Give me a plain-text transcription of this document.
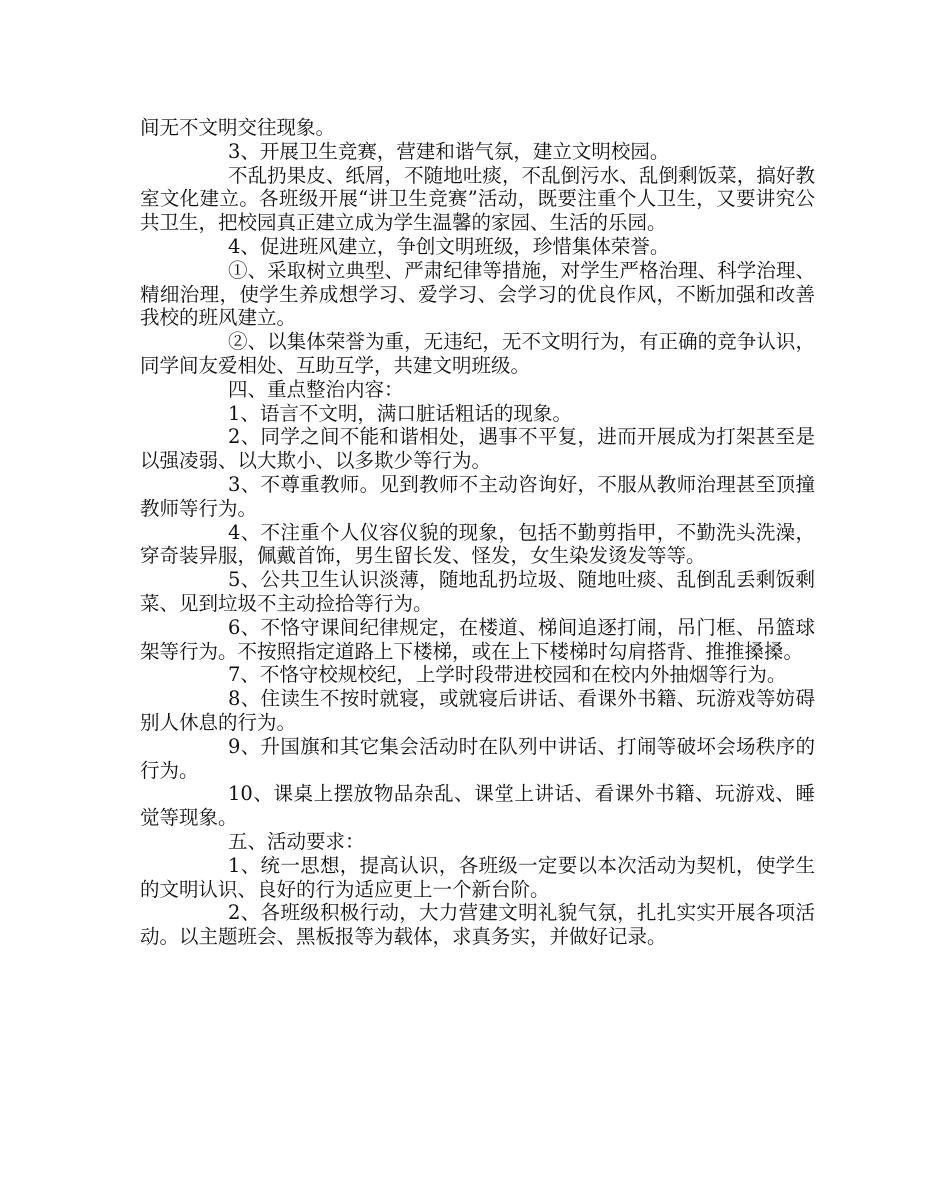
间无不文明交往现象。

3、开展卫生竞赛，营建和谐气氛，建立文明校园。

不乱扔果皮、纸屑，不随地吐痰，不乱倒污水、乱倒剩饭菜，搞好教室文化建立。各班级开展“讲卫生竞赛”活动，既要注重个人卫生，又要讲究公共卫生，把校园真正建立成为学生温馨的家园、生活的乐园。

4、促进班风建立，争创文明班级，珍惜集体荣誉。

①、采取树立典型、严肃纪律等措施，对学生严格治理、科学治理、精细治理，使学生养成想学习、爱学习、会学习的优良作风，不断加强和改善我校的班风建立。

②、以集体荣誉为重，无违纪，无不文明行为，有正确的竞争认识，同学间友爱相处、互助互学，共建文明班级。

四、重点整治内容：

1、语言不文明，满口脏话粗话的现象。

2、同学之间不能和谐相处，遇事不平复，进而开展成为打架甚至是以强凌弱、以大欺小、以多欺少等行为。

3、不尊重教师。见到教师不主动咨询好，不服从教师治理甚至顶撞教师等行为。

4、不注重个人仪容仪貌的现象，包括不勤剪指甲，不勤洗头洗澡，穿奇装异服，佩戴首饰，男生留长发、怪发，女生染发烫发等等。

5、公共卫生认识淡薄，随地乱扔垃圾、随地吐痰、乱倒乱丢剩饭剩菜、见到垃圾不主动捡拾等行为。

6、不恪守课间纪律规定，在楼道、梯间追逐打闹，吊门框、吊篮球架等行为。不按照指定道路上下楼梯，或在上下楼梯时勾肩搭背、推推搡搡。

7、不恪守校规校纪，上学时段带进校园和在校内外抽烟等行为。

8、住读生不按时就寝，或就寝后讲话、看课外书籍、玩游戏等妨碍别人休息的行为。

9、升国旗和其它集会活动时在队列中讲话、打闹等破坏会场秩序的行为。

10、课桌上摆放物品杂乱、课堂上讲话、看课外书籍、玩游戏、睡觉等现象。

五、活动要求：

1、统一思想，提高认识，各班级一定要以本次活动为契机，使学生的文明认识、良好的行为适应更上一个新台阶。

2、各班级积极行动，大力营建文明礼貌气氛，扎扎实实开展各项活动。以主题班会、黑板报等为载体，求真务实，并做好记录。
